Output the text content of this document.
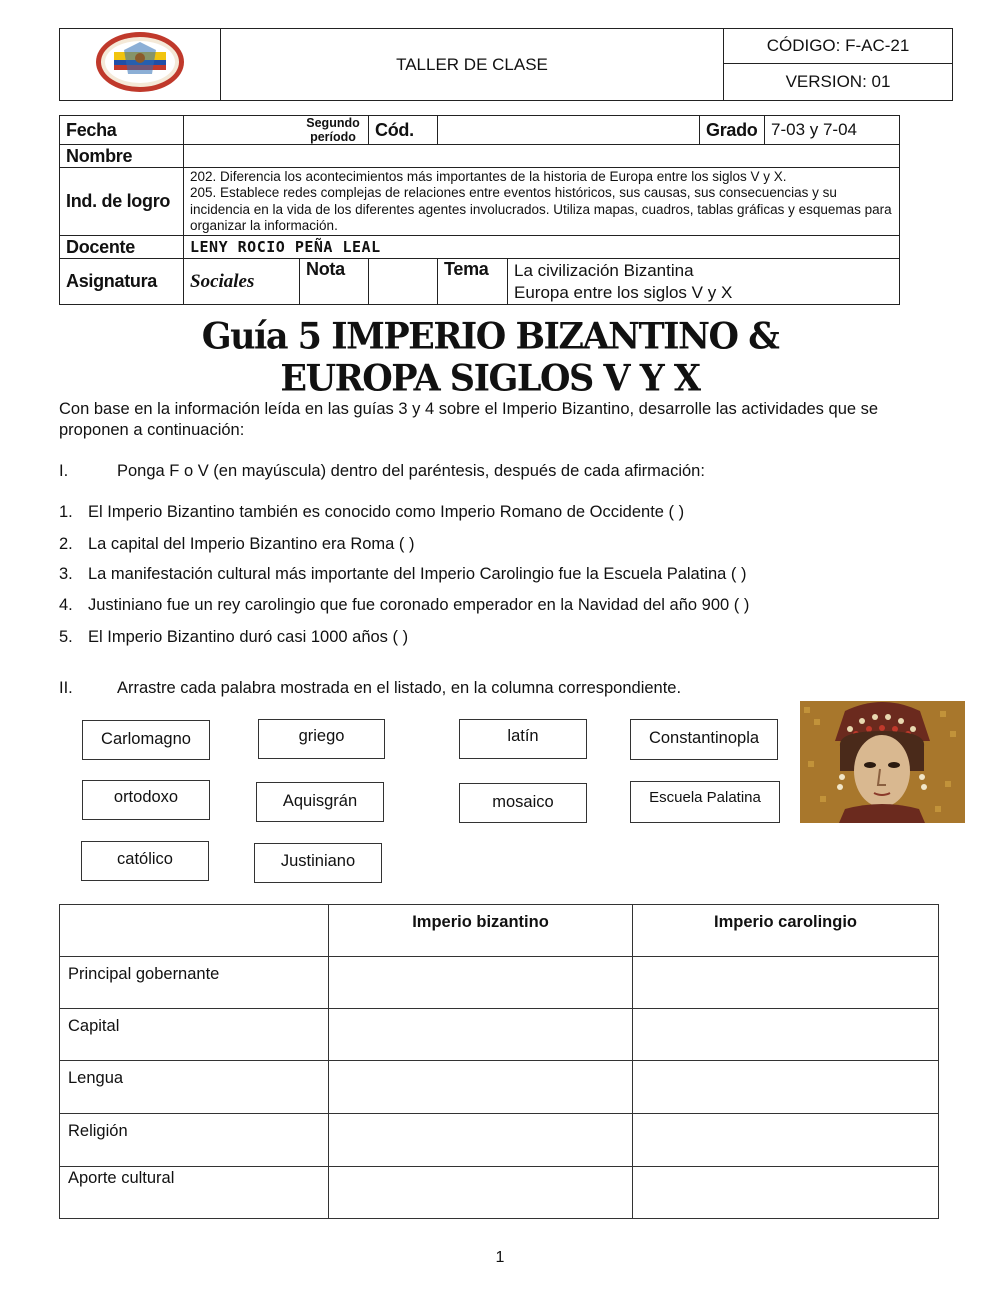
	TALLER DE CLASE	CÓDIGO: F-AC-21
VERSION: 01
Fecha	Segundo período		Cód.			Grado	7-03 y 7-04
Nombre							
Ind. de logro	202. Diferencia los acontecimientos más importantes de la historia de Europa entre los siglos V y X.
205. Establece redes complejas de relaciones entre eventos históricos, sus causas, sus consecuencias y su incidencia en la vida de los diferentes agentes involucrados. Utiliza mapas, cuadros, tablas gráficas y esquemas para organizar la información.						

Docente	LENY ROCIO PEÑA LEAL						
Asignatura	Sociales	Nota		Tema	La civilización Bizantina
Europa entre los siglos V y X		
Guía 5 IMPERIO BIZANTINO &
EUROPA SIGLOS V Y X
Con base en la información leída en las guías 3 y 4 sobre el Imperio Bizantino, desarrolle las actividades que se proponen a continuación:
I.	Ponga F o V (en mayúscula) dentro del paréntesis, después de cada afirmación:
1. El Imperio Bizantino también es conocido como Imperio Romano de Occidente ( )
2. La capital del Imperio Bizantino era Roma ( )
3. La manifestación cultural más importante del Imperio Carolingio fue la Escuela Palatina ( )
4. Justiniano fue un rey carolingio que fue coronado emperador en la Navidad del año 900 ( )
5. El Imperio Bizantino duró casi 1000 años ( )
II.	Arrastre cada palabra mostrada en el listado, en la columna correspondiente.
Carlomagno	griego	latín	Constantinopla
ortodoxo	Aquisgrán	mosaico	Escuela Palatina
católico	Justiniano
	Imperio bizantino	Imperio carolingio
Principal gobernante		
Capital		
Lengua		
Religión		
Aporte cultural		
1
